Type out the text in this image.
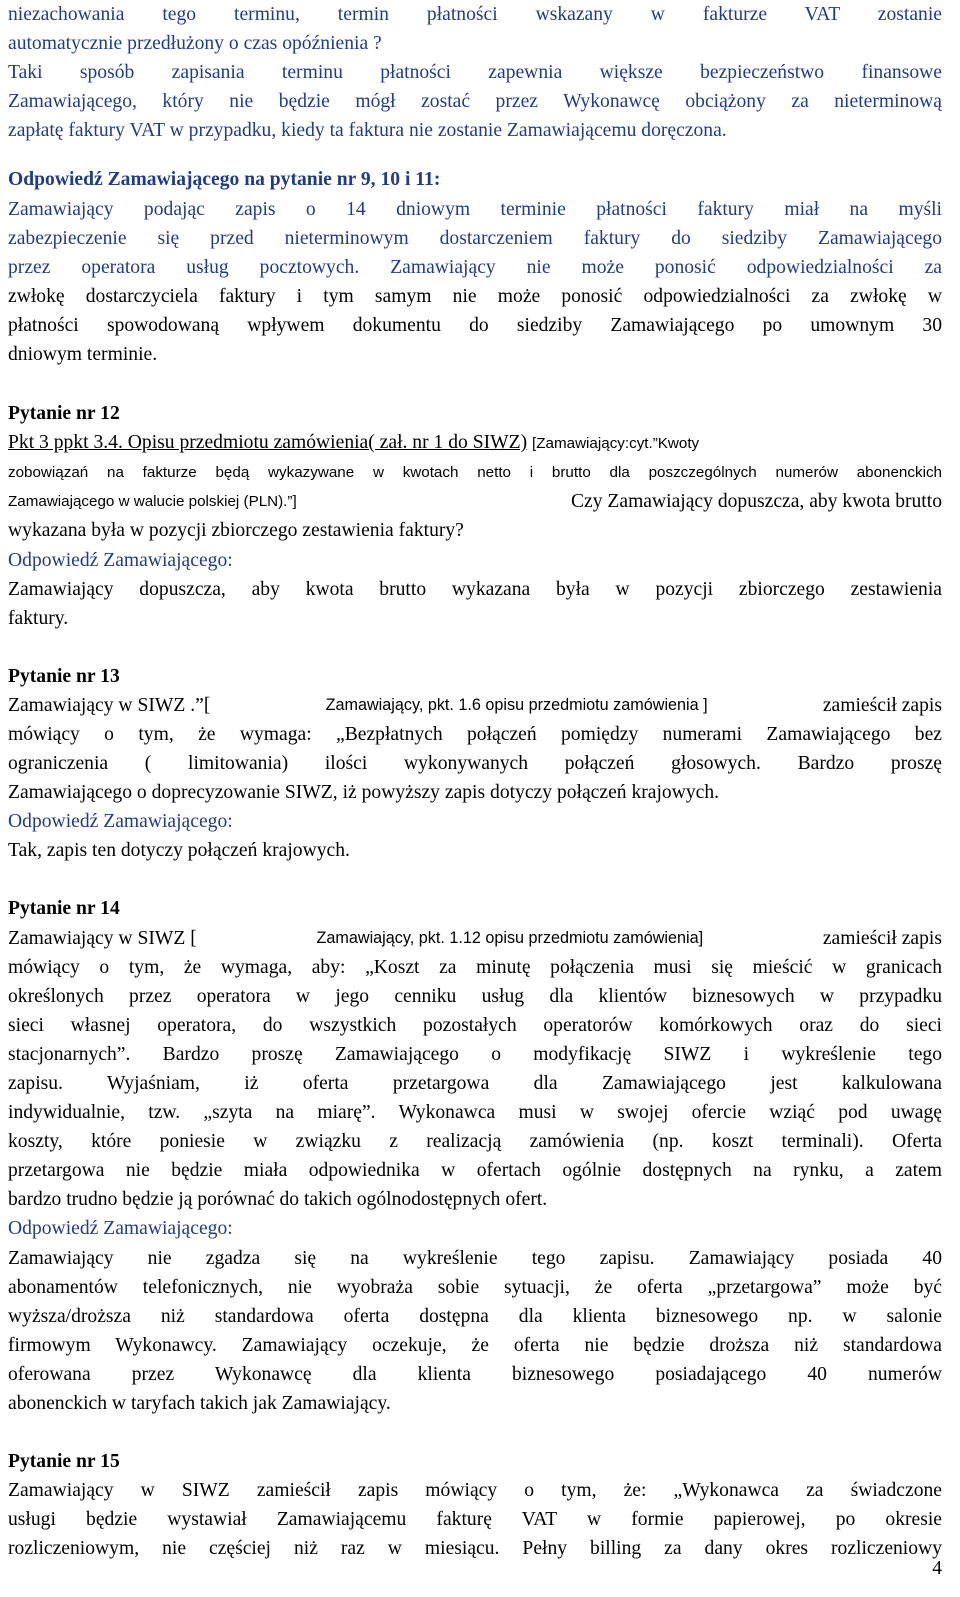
niezachowania tego terminu, termin płatności wskazany w fakturze VAT zostanie
automatycznie przedłużony o czas opóźnienia ?
Taki sposób zapisania terminu płatności zapewnia większe bezpieczeństwo finansowe
Zamawiającego, który nie będzie mógł zostać przez Wykonawcę obciążony za nieterminową
zapłatę faktury VAT w przypadku, kiedy ta faktura nie zostanie Zamawiającemu doręczona.
Odpowiedź Zamawiającego na pytanie nr 9, 10 i 11:
Zamawiający podając zapis o 14 dniowym terminie płatności faktury miał na myśli
zabezpieczenie się przed nieterminowym dostarczeniem faktury do siedziby Zamawiającego
przez operatora usług pocztowych. Zamawiający nie może ponosić odpowiedzialności za
zwłokę dostarczyciela faktury i tym samym nie może ponosić odpowiedzialności za zwłokę w
płatności spowodowaną wpływem dokumentu do siedziby Zamawiającego po umownym 30
dniowym terminie.
Pytanie nr 12
Pkt 3 ppkt 3.4. Opisu przedmiotu zamówienia( zał. nr 1 do SIWZ) [Zamawiający:cyt.”Kwoty
zobowiązań na fakturze będą wykazywane w kwotach netto i brutto dla poszczególnych numerów abonenckich
Zamawiającego w walucie polskiej (PLN).”]	Czy Zamawiający dopuszcza, aby kwota brutto
wykazana była w pozycji zbiorczego zestawienia faktury?
Odpowiedź Zamawiającego:
Zamawiający dopuszcza, aby kwota brutto wykazana była w pozycji zbiorczego zestawienia
faktury.
Pytanie nr 13
Zamawiający w SIWZ .”[	Zamawiający, pkt. 1.6 opisu przedmiotu zamówienia ]	zamieścił zapis
mówiący o tym, że wymaga: „Bezpłatnych połączeń pomiędzy numerami Zamawiającego bez
ograniczenia ( limitowania) ilości wykonywanych połączeń głosowych. Bardzo proszę
Zamawiającego o doprecyzowanie SIWZ, iż powyższy zapis dotyczy połączeń krajowych.
Odpowiedź Zamawiającego:
Tak, zapis ten dotyczy połączeń krajowych.
Pytanie nr 14
Zamawiający w SIWZ [	Zamawiający, pkt. 1.12 opisu przedmiotu zamówienia]	zamieścił zapis
mówiący o tym, że wymaga, aby: „Koszt za minutę połączenia musi się mieścić w granicach
określonych przez operatora w jego cenniku usług dla klientów biznesowych w przypadku
sieci własnej operatora, do wszystkich pozostałych operatorów komórkowych oraz do sieci
stacjonarnych”. Bardzo proszę Zamawiającego o modyfikację SIWZ i wykreślenie tego
zapisu. Wyjaśniam, iż oferta przetargowa dla Zamawiającego jest kalkulowana
indywidualnie, tzw. „szyta na miarę”. Wykonawca musi w swojej ofercie wziąć pod uwagę
koszty, które poniesie w związku z realizacją zamówienia (np. koszt terminali). Oferta
przetargowa nie będzie miała odpowiednika w ofertach ogólnie dostępnych na rynku, a zatem
bardzo trudno będzie ją porównać do takich ogólnodostępnych ofert.
Odpowiedź Zamawiającego:
Zamawiający nie zgadza się na wykreślenie tego zapisu. Zamawiający posiada 40
abonamentów telefonicznych, nie wyobraża sobie sytuacji, że oferta „przetargowa” może być
wyższa/droższa niż standardowa oferta dostępna dla klienta biznesowego np. w salonie
firmowym Wykonawcy. Zamawiający oczekuje, że oferta nie będzie droższa niż standardowa
oferowana przez Wykonawcę dla klienta biznesowego posiadającego 40 numerów
abonenckich w taryfach takich jak Zamawiający.
Pytanie nr 15
Zamawiający w SIWZ zamieścił zapis mówiący o tym, że: „Wykonawca za świadczone
usługi będzie wystawiał Zamawiającemu fakturę VAT w formie papierowej, po okresie
rozliczeniowym, nie częściej niż raz w miesiącu. Pełny billing za dany okres rozliczeniowy
4
